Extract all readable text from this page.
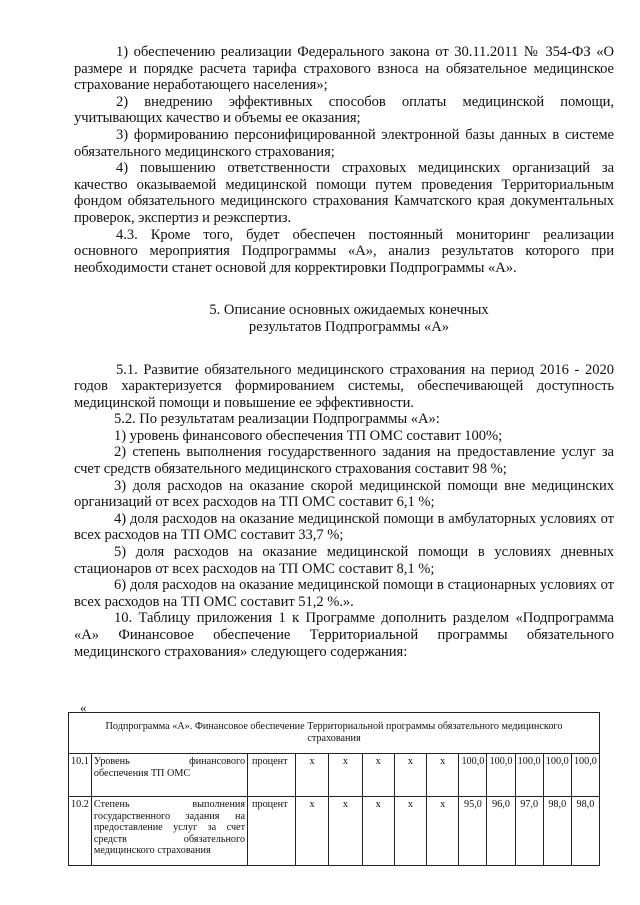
1) обеспечению реализации Федерального закона от 30.11.2011 № 354-ФЗ «О размере и порядке расчета тарифа страхового взноса на обязательное медицинское страхование неработающего населения»;

2) внедрению эффективных способов оплаты медицинской помощи, учитывающих качество и объемы ее оказания;

3) формированию персонифицированной электронной базы данных в системе обязательного медицинского страхования;

4) повышению ответственности страховых медицинских организаций за качество оказываемой медицинской помощи путем проведения Территориальным фондом обязательного медицинского страхования Камчатского края документальных проверок, экспертиз и реэкспертиз.

4.3. Кроме того, будет обеспечен постоянный мониторинг реализации основного мероприятия Подпрограммы «А», анализ результатов которого при необходимости станет основой для корректировки Подпрограммы «А».

5. Описание основных ожидаемых конечных
результатов Подпрограммы «А»

5.1. Развитие обязательного медицинского страхования на период 2016 - 2020 годов характеризуется формированием системы, обеспечивающей доступность медицинской помощи и повышение ее эффективности.

5.2. По результатам реализации Подпрограммы «А»:

1) уровень финансового обеспечения ТП ОМС составит 100%;

2) степень выполнения государственного задания на предоставление услуг за счет средств обязательного медицинского страхования составит 98 %;

3) доля расходов на оказание скорой медицинской помощи вне медицинских организаций от всех расходов на ТП ОМС составит 6,1 %;

4) доля расходов на оказание медицинской помощи в амбулаторных условиях от всех расходов на ТП ОМС составит 33,7 %;

5) доля расходов на оказание медицинской помощи в условиях дневных стационаров от всех расходов на ТП ОМС составит 8,1 %;

6) доля расходов на оказание медицинской помощи в стационарных условиях от всех расходов на ТП ОМС составит 51,2 %.».

10. Таблицу приложения 1 к Программе дополнить разделом «Подпрограмма «А» Финансовое обеспечение Территориальной программы обязательного медицинского страхования» следующего содержания:

«
Подпрограмма «А». Финансовое обеспечение Территориальной программы обязательного медицинского страхования												
10.1	Уровень финансового обеспечения ТП ОМС	процент	x	x	x	x	x	100,0	100,0	100,0	100,0	100,0
10.2	Степень выполнения государственного задания на предоставление услуг за счет средств обязательного медицинского страхования	процент	x	x	x	x	x	95,0	96,0	97,0	98,0	98,0
